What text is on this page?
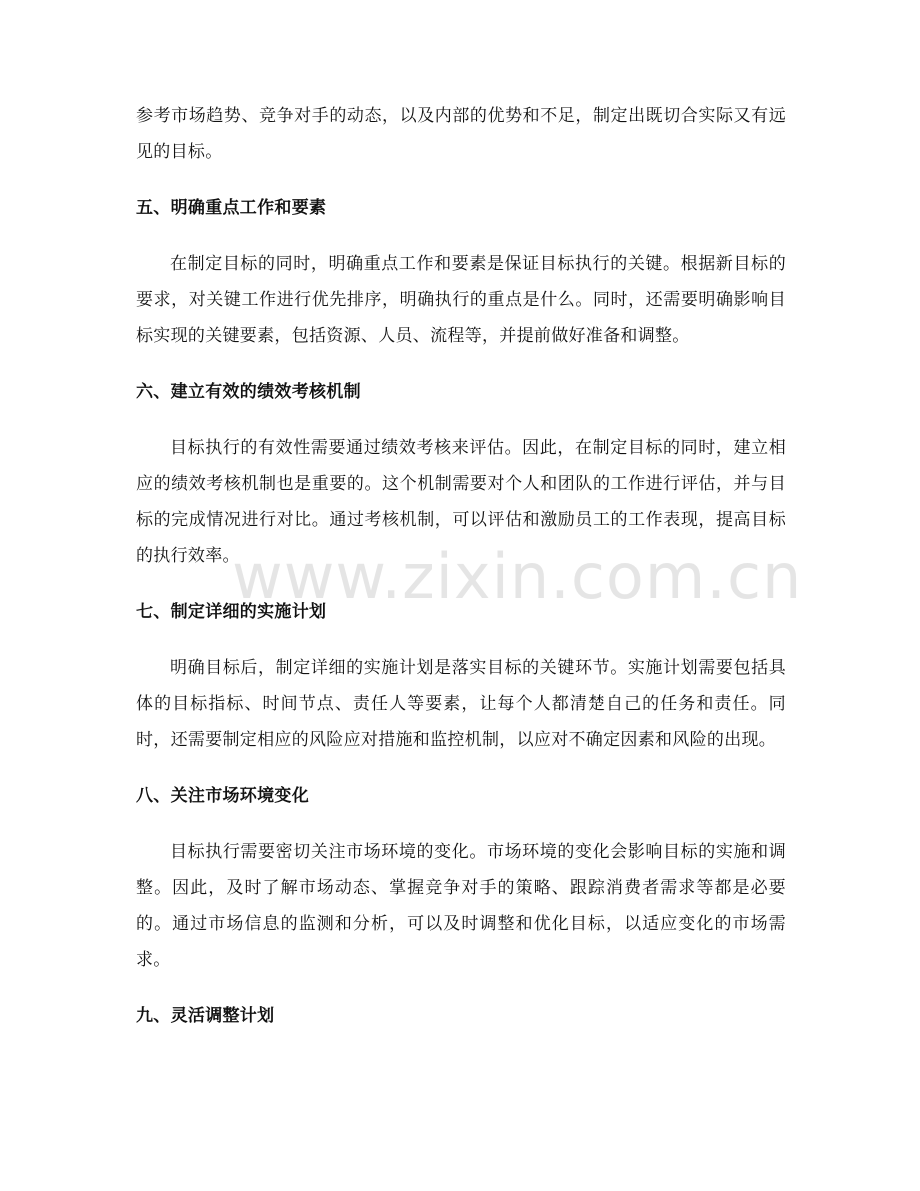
参考市场趋势、竞争对手的动态，以及内部的优势和不足，制定出既切合实际又有远见的目标。

五、明确重点工作和要素

在制定目标的同时，明确重点工作和要素是保证目标执行的关键。根据新目标的要求，对关键工作进行优先排序，明确执行的重点是什么。同时，还需要明确影响目标实现的关键要素，包括资源、人员、流程等，并提前做好准备和调整。

六、建立有效的绩效考核机制

目标执行的有效性需要通过绩效考核来评估。因此，在制定目标的同时，建立相应的绩效考核机制也是重要的。这个机制需要对个人和团队的工作进行评估，并与目标的完成情况进行对比。通过考核机制，可以评估和激励员工的工作表现，提高目标的执行效率。

七、制定详细的实施计划

明确目标后，制定详细的实施计划是落实目标的关键环节。实施计划需要包括具体的目标指标、时间节点、责任人等要素，让每个人都清楚自己的任务和责任。同时，还需要制定相应的风险应对措施和监控机制，以应对不确定因素和风险的出现。

八、关注市场环境变化

目标执行需要密切关注市场环境的变化。市场环境的变化会影响目标的实施和调整。因此，及时了解市场动态、掌握竞争对手的策略、跟踪消费者需求等都是必要的。通过市场信息的监测和分析，可以及时调整和优化目标，以适应变化的市场需求。

九、灵活调整计划
www.zixin.com.cn
